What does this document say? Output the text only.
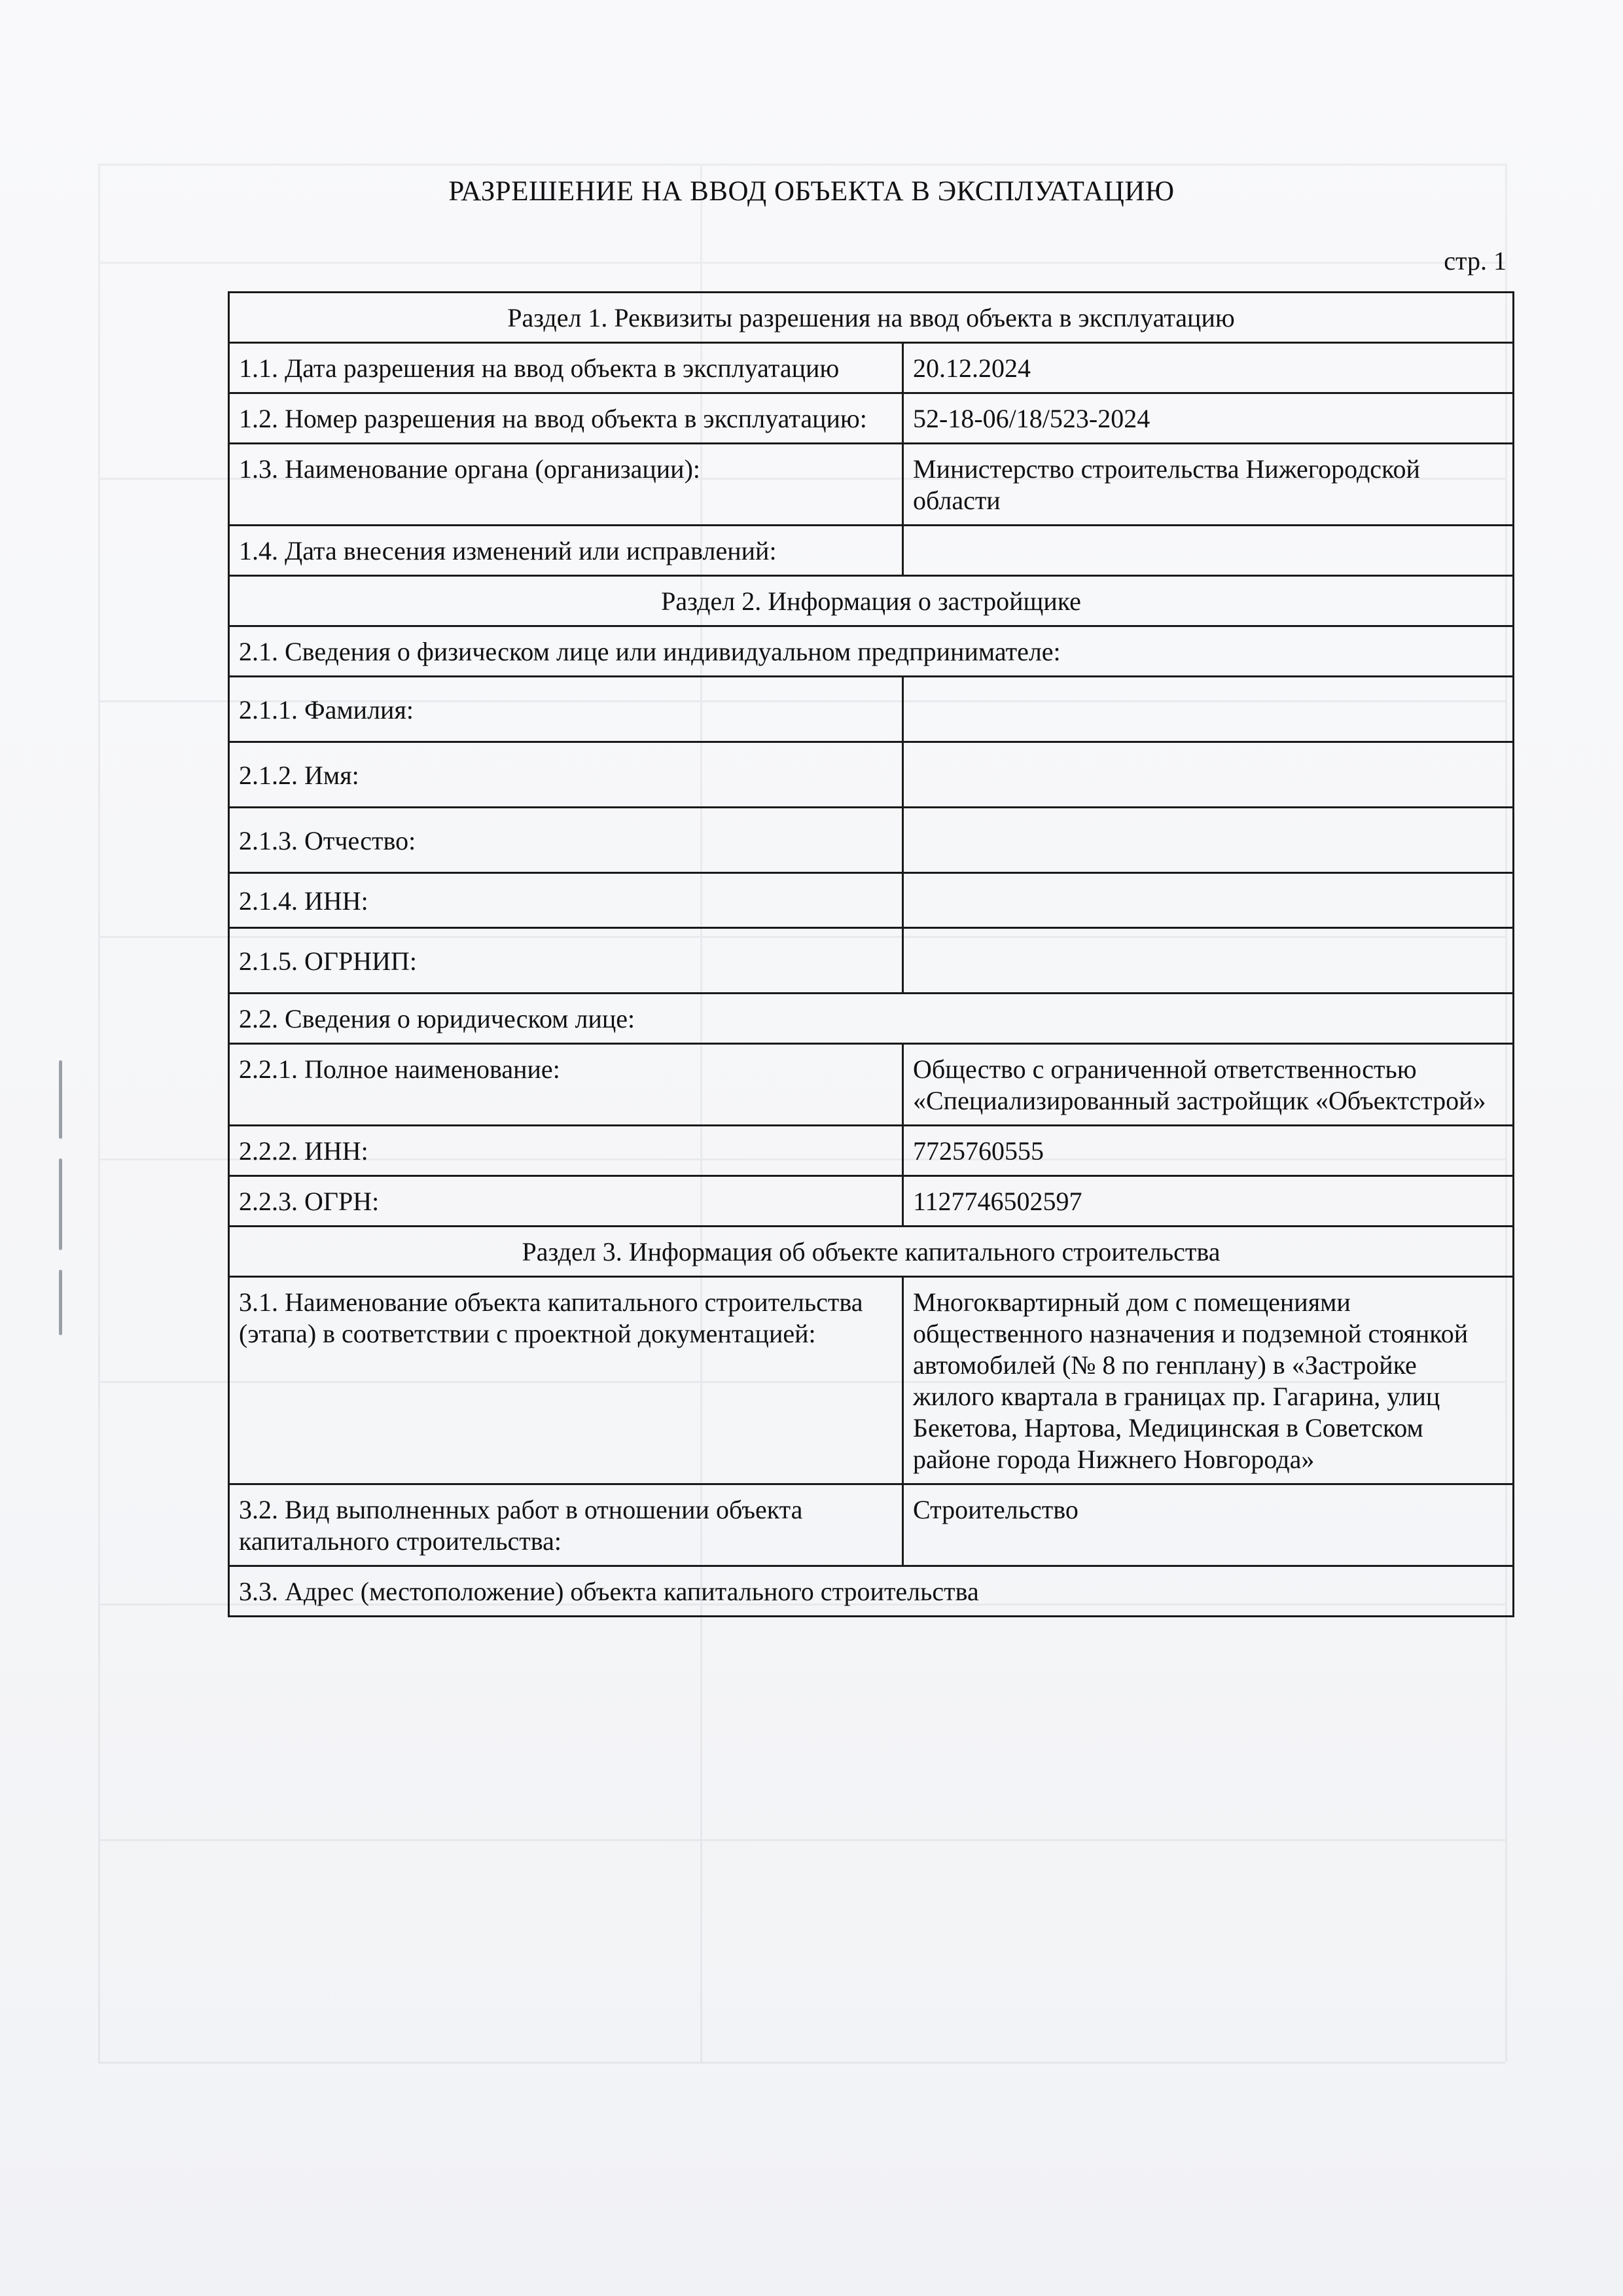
РАЗРЕШЕНИЕ НА ВВОД ОБЪЕКТА В ЭКСПЛУАТАЦИЮ
стр. 1
Раздел 1. Реквизиты разрешения на ввод объекта в эксплуатацию	
1.1. Дата разрешения на ввод объекта в эксплуатацию	20.12.2024
1.2. Номер разрешения на ввод объекта в эксплуатацию:	52-18-06/18/523-2024
1.3. Наименование органа (организации):	Министерство строительства Нижегородской области
1.4. Дата внесения изменений или исправлений:	
Раздел 2. Информация о застройщике	
2.1. Сведения о физическом лице или индивидуальном предпринимателе:	
2.1.1. Фамилия:	
2.1.2. Имя:	
2.1.3. Отчество:	
2.1.4. ИНН:	
2.1.5. ОГРНИП:	
2.2. Сведения о юридическом лице:	
2.2.1. Полное наименование:	Общество с ограниченной ответственностью «Специализированный застройщик «Объектстрой»
2.2.2. ИНН:	7725760555
2.2.3. ОГРН:	1127746502597
Раздел 3. Информация об объекте капитального строительства	
3.1. Наименование объекта капитального строительства (этапа) в соответствии с проектной документацией:	Многоквартирный дом с помещениями общественного назначения и подземной стоянкой автомобилей (№ 8 по генплану) в «Застройке жилого квартала в границах пр. Гагарина, улиц Бекетова, Нартова, Медицинская в Советском районе города Нижнего Новгорода»
3.2. Вид выполненных работ в отношении объекта капитального строительства:	Строительство
3.3. Адрес (местоположение) объекта капитального строительства	
